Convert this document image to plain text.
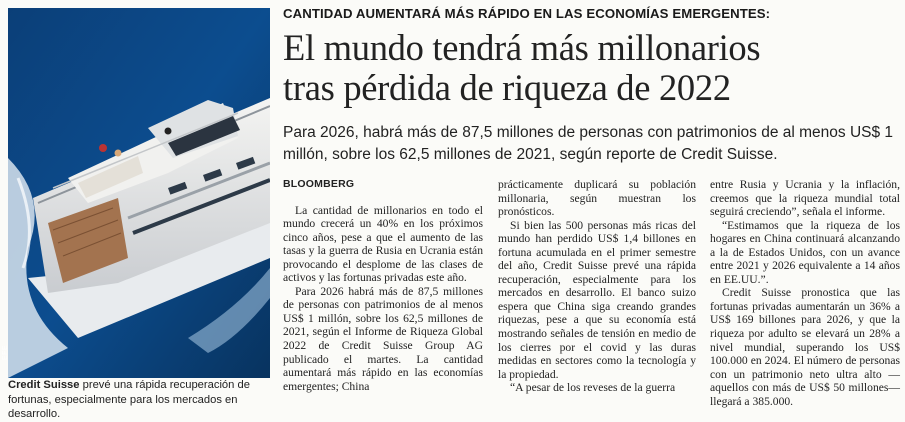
EFE
Credit Suisse prevé una rápida recuperación de fortunas, especialmente para los mercados en desarrollo.
CANTIDAD AUMENTARÁ MÁS RÁPIDO EN LAS ECONOMÍAS EMERGENTES:
El mundo tendrá más millonarios
tras pérdida de riqueza de 2022

Para 2026, habrá más de 87,5 millones de personas con patrimonios de al menos US$ 1 millón, sobre los 62,5 millones de 2021, según reporte de Credit Suisse.

BLOOMBERG

La cantidad de millonarios en todo el mundo crecerá un 40% en los próximos cinco años, pese a que el aumento de las tasas y la guerra de Rusia en Ucrania están provocando el desplome de las clases de activos y las fortunas privadas este año.

Para 2026 habrá más de 87,5 millones de personas con patrimonios de al menos US$ 1 millón, sobre los 62,5 millones de 2021, según el Informe de Riqueza Global 2022 de Credit Suisse Group AG publicado el martes. La cantidad aumentará más rápido en las economías emergentes; China

prácticamente duplicará su población millonaria, según muestran los pronósticos.

Si bien las 500 personas más ricas del mundo han perdido US$ 1,4 billones en fortuna acumulada en el primer semestre del año, Credit Suisse prevé una rápida recuperación, especialmente para los mercados en desarrollo. El banco suizo espera que China siga creando grandes riquezas, pese a que su economía está mostrando señales de tensión en medio de los cierres por el covid y las duras medidas en sectores como la tecnología y la propiedad.

“A pesar de los reveses de la guerra

entre Rusia y Ucrania y la inflación, creemos que la riqueza mundial total seguirá creciendo”, señala el informe.

“Estimamos que la riqueza de los hogares en China continuará alcanzando a la de Estados Unidos, con un avance entre 2021 y 2026 equivalente a 14 años en EE.UU.”.

Credit Suisse pronostica que las fortunas privadas aumentarán un 36% a US$ 169 billones para 2026, y que la riqueza por adulto se elevará un 28% a nivel mundial, superando los US$ 100.000 en 2024. El número de personas con un patrimonio neto ultra alto —aquellos con más de US$ 50 millones— llegará a 385.000.
